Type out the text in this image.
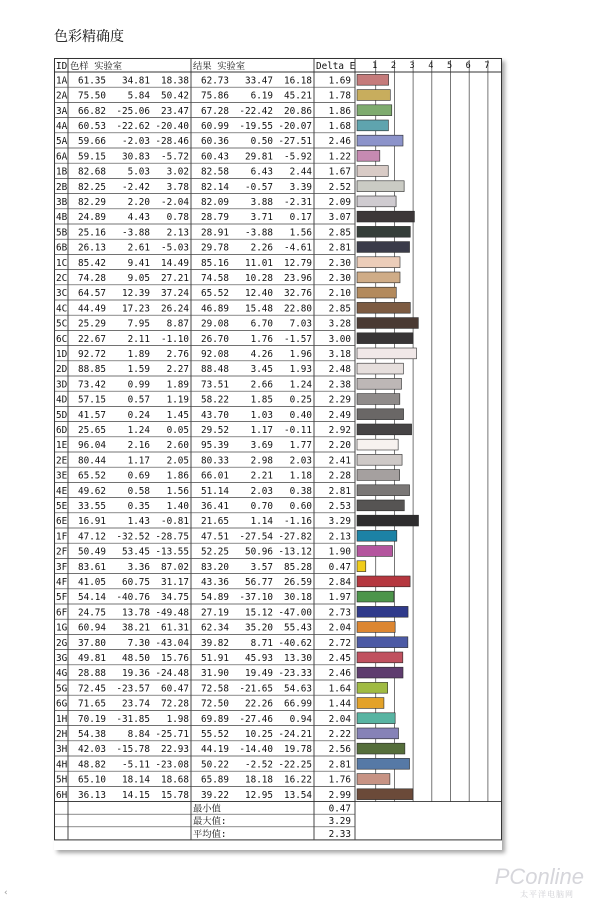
色彩精确度
1 2 3 4 5 6 7
ID 色样 实验室	结果 实验室	Delta E
1A 61.35 34.81 18.38 62.73 33.47 16.18 1.69
2A 75.50 5.84 50.42 75.86 6.19 45.21 1.78
3A 66.82 -25.06 23.47 67.28 -22.42 20.86 1.86
4A 60.53 -22.62 -20.40 60.99 -19.55 -20.07 1.68
5A 59.66 -2.03 -28.46 60.36 0.50 -27.51 2.46
6A 59.15 30.83 -5.72 60.43 29.81 -5.92 1.22
1B 82.68 5.03 3.02 82.58 6.43 2.44 1.67
2B 82.25 -2.42 3.78 82.14 -0.57 3.39 2.52
3B 82.29 2.20 -2.04 82.09 3.88 -2.31 2.09
4B 24.89 4.43 0.78 28.79 3.71 0.17 3.07
5B 25.16 -3.88 2.13 28.91 -3.88 1.56 2.85
6B 26.13 2.61 -5.03 29.78 2.26 -4.61 2.81
1C 85.42 9.41 14.49 85.16 11.01 12.79 2.30
2C 74.28 9.05 27.21 74.58 10.28 23.96 2.30
3C 64.57 12.39 37.24 65.52 12.40 32.76 2.10
4C 44.49 17.23 26.24 46.89 15.48 22.80 2.85
5C 25.29 7.95 8.87 29.08 6.70 7.03 3.28
6C 22.67 2.11 -1.10 26.70 1.76 -1.57 3.00
1D 92.72 1.89 2.76 92.08 4.26 1.96 3.18
2D 88.85 1.59 2.27 88.48 3.45 1.93 2.48
3D 73.42 0.99 1.89 73.51 2.66 1.24 2.38
4D 57.15 0.57 1.19 58.22 1.85 0.25 2.29
5D 41.57 0.24 1.45 43.70 1.03 0.40 2.49
6D 25.65 1.24 0.05 29.52 1.17 -0.11 2.92
1E 96.04 2.16 2.60 95.39 3.69 1.77 2.20
2E 80.44 1.17 2.05 80.33 2.98 2.03 2.41
3E 65.52 0.69 1.86 66.01 2.21 1.18 2.28
4E 49.62 0.58 1.56 51.14 2.03 0.38 2.81
5E 33.55 0.35 1.40 36.41 0.70 0.60 2.53
6E 16.91 1.43 -0.81 21.65 1.14 -1.16 3.29
1F 47.12 -32.52 -28.75 47.51 -27.54 -27.82 2.13
2F 50.49 53.45 -13.55 52.25 50.96 -13.12 1.90
3F 83.61 3.36 87.02 83.20 3.57 85.28 0.47
4F 41.05 60.75 31.17 43.36 56.77 26.59 2.84
5F 54.14 -40.76 34.75 54.89 -37.10 30.18 1.97
6F 24.75 13.78 -49.48 27.19 15.12 -47.00 2.73
1G 60.94 38.21 61.31 62.34 35.20 55.43 2.04
2G 37.80 7.30 -43.04 39.82 8.71 -40.62 2.72
3G 49.81 48.50 15.76 51.91 45.93 13.30 2.45
4G 28.88 19.36 -24.48 31.90 19.49 -23.33 2.46
5G 72.45 -23.57 60.47 72.58 -21.65 54.63 1.64
6G 71.65 23.74 72.28 72.50 22.26 66.99 1.44
1H 70.19 -31.85 1.98 69.89 -27.46 0.94 2.04
2H 54.38 8.84 -25.71 55.52 10.25 -24.21 2.22
3H 42.03 -15.78 22.93 44.19 -14.40 19.78 2.56
4H 48.82 -5.11 -23.08 50.22 -2.52 -22.25 2.81
5H 65.10 18.14 18.68 65.89 18.18 16.22 1.76
6H 36.13 14.15 15.78 39.22 12.95 13.54 2.99
最小值	0.47
最大值:	3.29
平均值:	2.33
PConline
太平洋电脑网
‹
